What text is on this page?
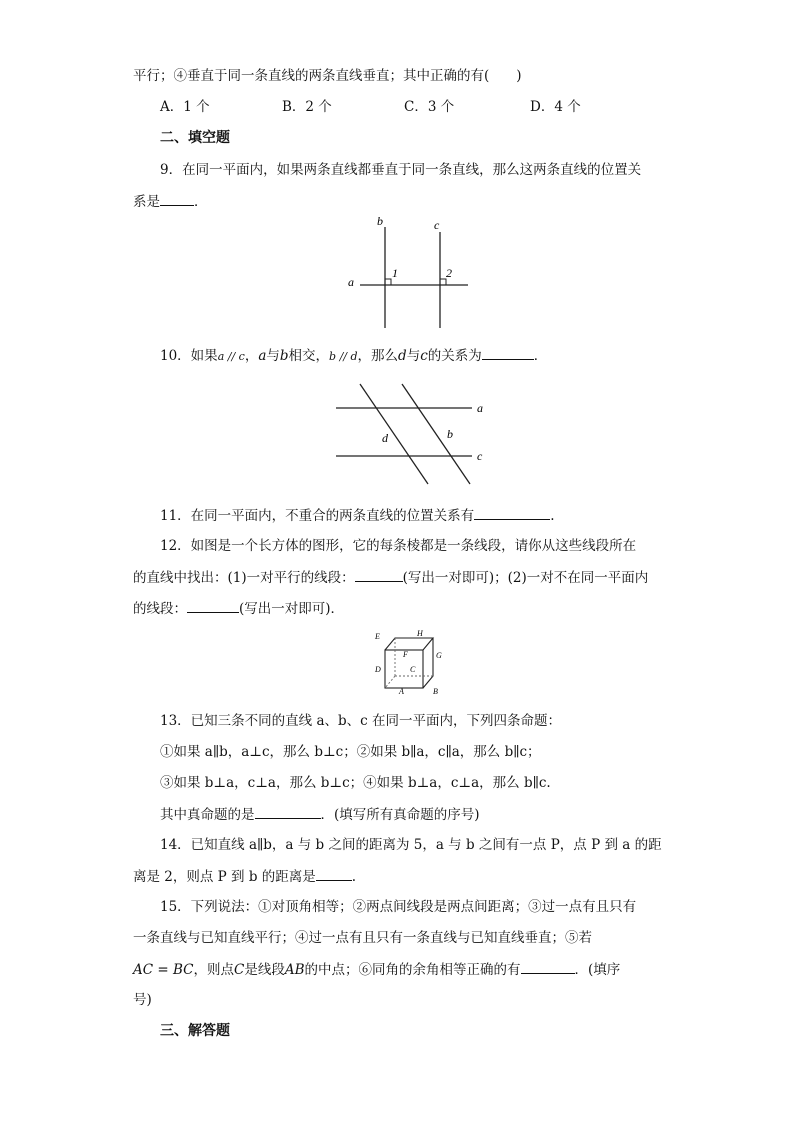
平行；④垂直于同一条直线的两条直线垂直；其中正确的有(　　)
A．1 个	B．2 个	C．3 个	D．4 个
二、填空题
9．在同一平面内，如果两条直线都垂直于同一条直线，那么这两条直线的位置关
系是	．
b	c
a
1	2
10．如果a // c，a与b相交，b // d，那么d与c的关系为	．
a
c
d	b
11．在同一平面内，不重合的两条直线的位置关系有	.
12．如图是一个长方体的图形，它的每条棱都是一条线段，请你从这些线段所在
的直线中找出：(1)一对平行的线段：	(写出一对即可)；(2)一对不在同一平面内
的线段：	(写出一对即可)．
E	H
G
F
D	C
A	B
13．已知三条不同的直线 a、b、c 在同一平面内，下列四条命题：
①如果 a∥b，a⊥c，那么 b⊥c；②如果 b∥a，c∥a，那么 b∥c；
③如果 b⊥a，c⊥a，那么 b⊥c；④如果 b⊥a，c⊥a，那么 b∥c.
其中真命题的是	．(填写所有真命题的序号)
14．已知直线 a∥b，a 与 b 之间的距离为 5，a 与 b 之间有一点 P，点 P 到 a 的距
离是 2，则点 P 到 b 的距离是	.
15．下列说法：①对顶角相等；②两点间线段是两点间距离；③过一点有且只有
一条直线与已知直线平行；④过一点有且只有一条直线与已知直线垂直；⑤若
AC = BC，则点C是线段AB的中点；⑥同角的余角相等正确的有	．(填序
号)
三、解答题
